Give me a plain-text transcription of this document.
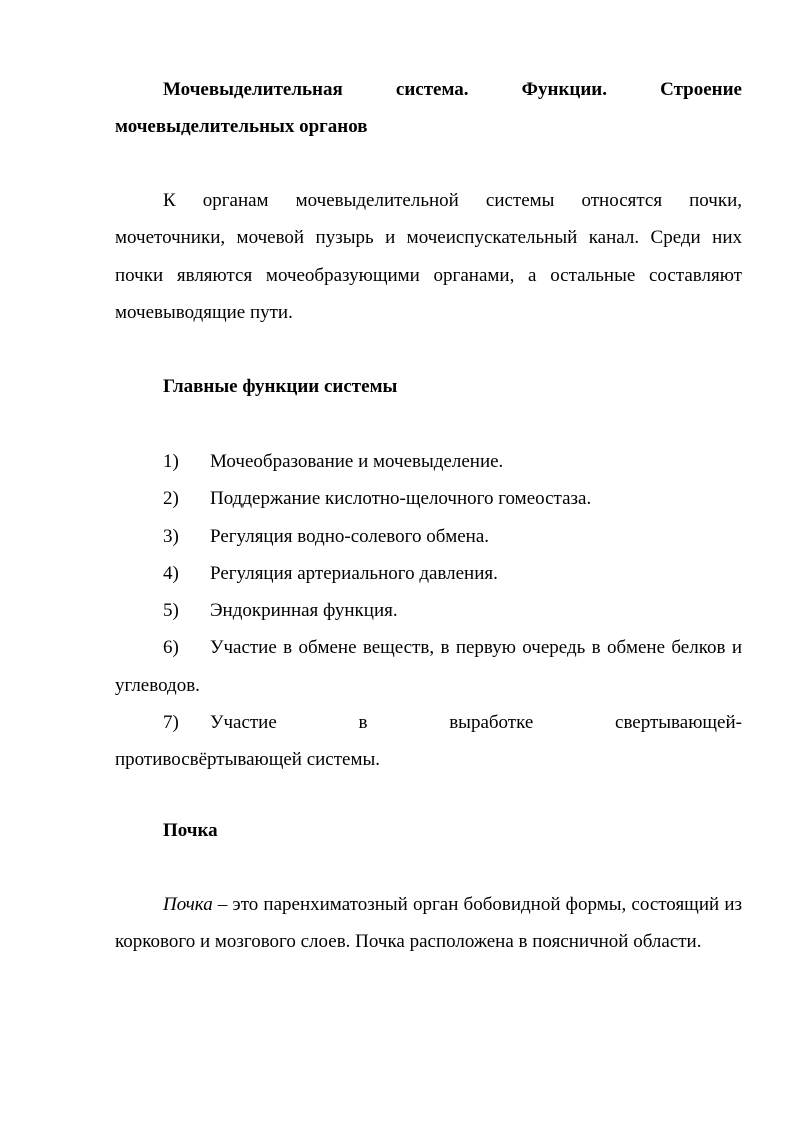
Мочевыделительная	система.	Функции.	Строение
мочевыделительных органов

К органам мочевыделительной системы относятся почки, мочеточники, мочевой пузырь и мочеиспускательный канал. Среди них почки являются мочеобразующими органами, а остальные составляют мочевыводящие пути.

Главные функции системы

1) Мочеобразование и мочевыделение.
2) Поддержание кислотно-щелочного гомеостаза.
3) Регуляция водно-солевого обмена.
4) Регуляция артериального давления.
5) Эндокринная функция.
6) Участие в обмене веществ, в первую очередь в обмене белков и углеводов.
7)	Участие	в	выработке	свертывающей-
противосвёртывающей системы.

Почка

Почка – это паренхиматозный орган бобовидной формы, состоящий из коркового и мозгового слоев. Почка расположена в поясничной области.
